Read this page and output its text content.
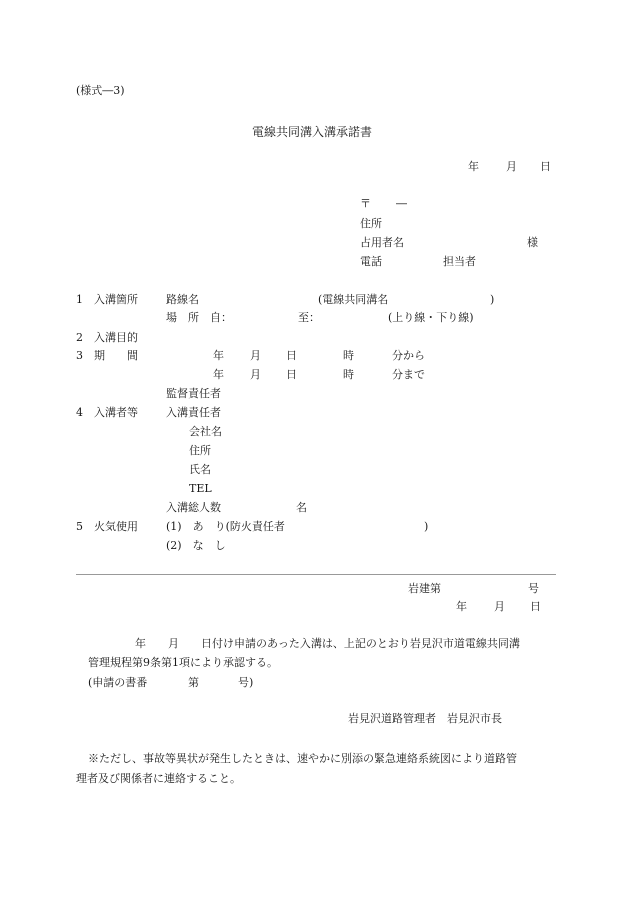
(様式―3)
電線共同溝入溝承諾書
年 月 日
〒 ―
住所
占用者名	様
電話	担当者
1 入溝箇所	路線名	(電線共同溝名	)
場　所　自：	至：	(上り線・下り線)
2 入溝目的
3 期　　間	年 月 日	時	分から
年 月 日	時	分まで
監督責任者
4 入溝者等	入溝責任者
会社名
住所
氏名
TEL
入溝総人数	名
5 火気使用	(1)　あ　り(防火責任者	)
(2)　な　し
岩建第	号
年 月 日
年　　月　　日付け申請のあった入溝は、上記のとおり岩見沢市道電線共同溝
管理規程第9条第1項により承認する。
(申請の書番	第	号)
岩見沢道路管理者　岩見沢市長
※ただし、事故等異状が発生したときは、速やかに別添の緊急連絡系統図により道路管
理者及び関係者に連絡すること。
